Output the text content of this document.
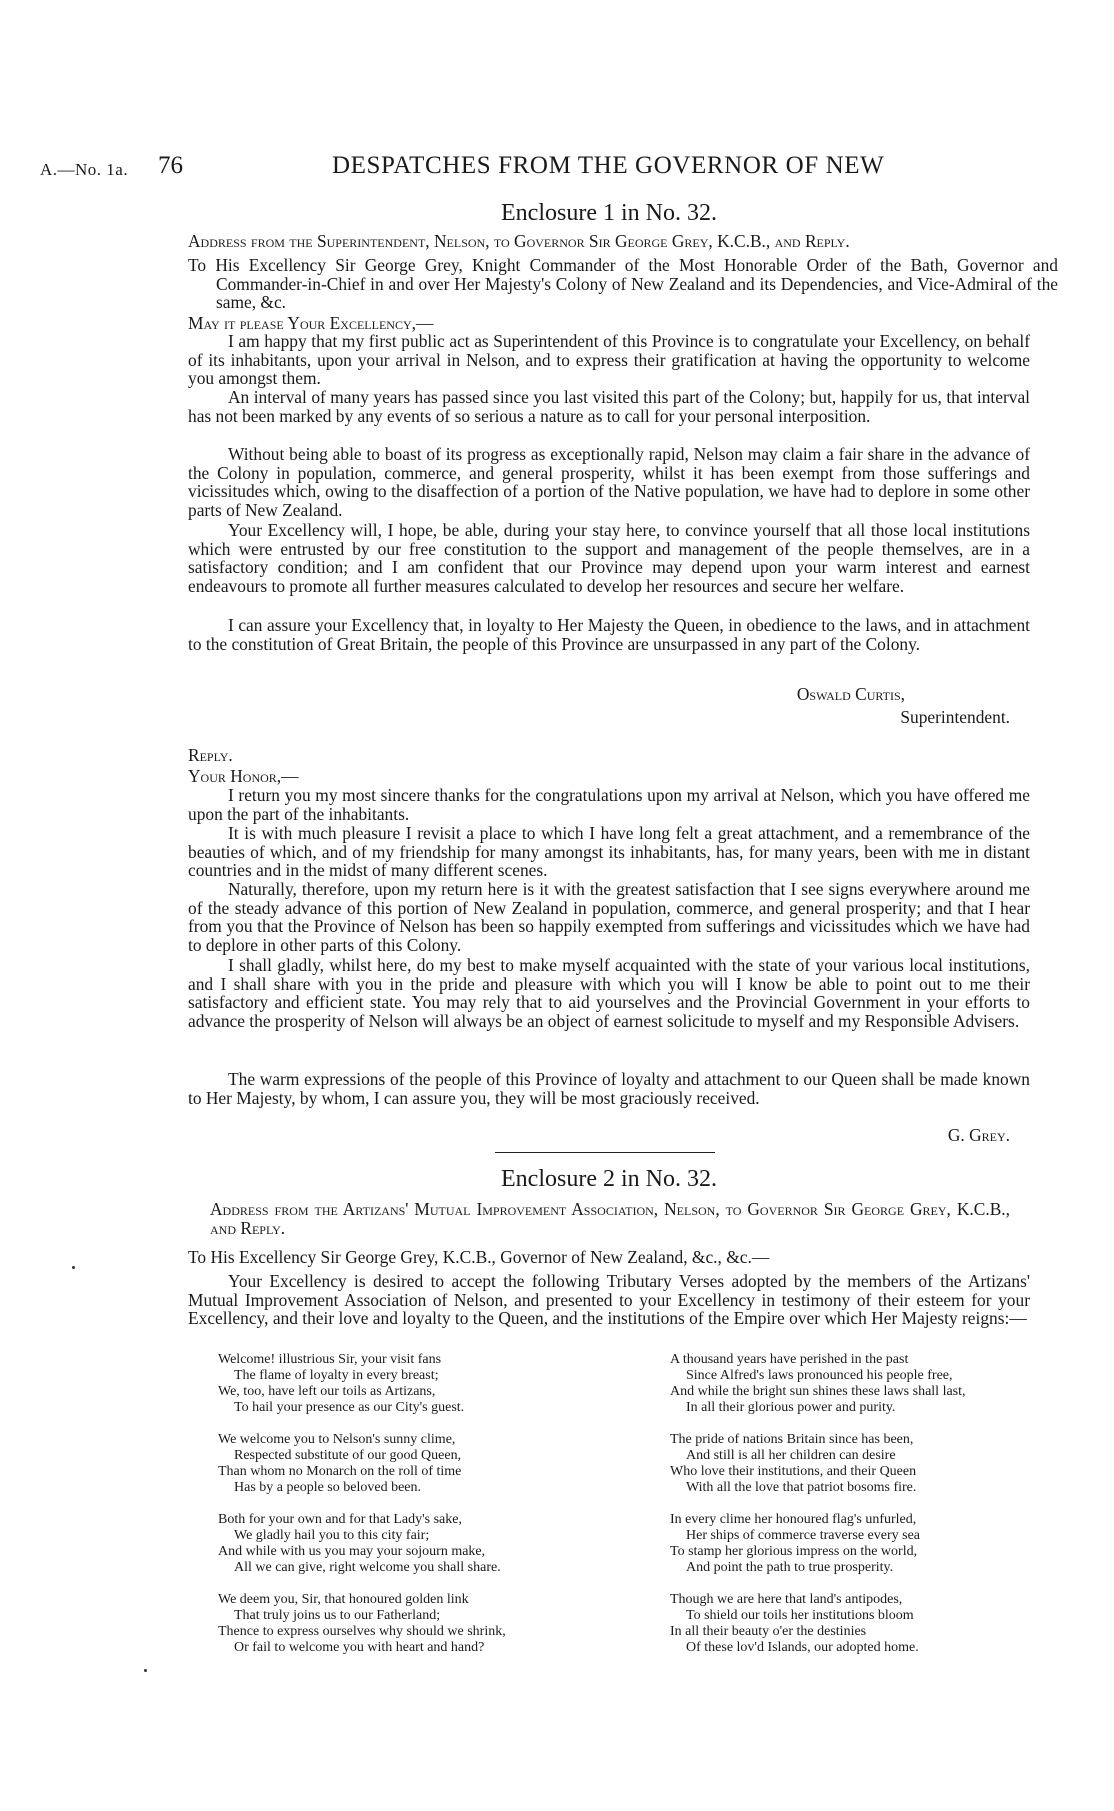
A.—No. 1a. 76	DESPATCHES FROM THE GOVERNOR OF NEW
Enclosure 1 in No. 32.
Address from the Superintendent, Nelson, to Governor Sir George Grey, K.C.B., and Reply.

To His Excellency Sir George Grey, Knight Commander of the Most Honorable Order of the Bath, Governor and Commander-in-Chief in and over Her Majesty's Colony of New Zealand and its Dependencies, and Vice-Admiral of the same, &c.

May it please Your Excellency,—

I am happy that my first public act as Superintendent of this Province is to congratulate your Excellency, on behalf of its inhabitants, upon your arrival in Nelson, and to express their gratification at having the opportunity to welcome you amongst them.

An interval of many years has passed since you last visited this part of the Colony; but, happily for us, that interval has not been marked by any events of so serious a nature as to call for your personal interposition.

Without being able to boast of its progress as exceptionally rapid, Nelson may claim a fair share in the advance of the Colony in population, commerce, and general prosperity, whilst it has been exempt from those sufferings and vicissitudes which, owing to the disaffection of a portion of the Native population, we have had to deplore in some other parts of New Zealand.

Your Excellency will, I hope, be able, during your stay here, to convince yourself that all those local institutions which were entrusted by our free constitution to the support and management of the people themselves, are in a satisfactory condition; and I am confident that our Province may depend upon your warm interest and earnest endeavours to promote all further measures calculated to develop her resources and secure her welfare.

I can assure your Excellency that, in loyalty to Her Majesty the Queen, in obedience to the laws, and in attachment to the constitution of Great Britain, the people of this Province are unsurpassed in any part of the Colony.

Oswald Curtis,
Superintendent.
Reply.

Your Honor,—

I return you my most sincere thanks for the congratulations upon my arrival at Nelson, which you have offered me upon the part of the inhabitants.

It is with much pleasure I revisit a place to which I have long felt a great attachment, and a remembrance of the beauties of which, and of my friendship for many amongst its inhabitants, has, for many years, been with me in distant countries and in the midst of many different scenes.

Naturally, therefore, upon my return here is it with the greatest satisfaction that I see signs everywhere around me of the steady advance of this portion of New Zealand in population, commerce, and general prosperity; and that I hear from you that the Province of Nelson has been so happily exempted from sufferings and vicissitudes which we have had to deplore in other parts of this Colony.

I shall gladly, whilst here, do my best to make myself acquainted with the state of your various local institutions, and I shall share with you in the pride and pleasure with which you will I know be able to point out to me their satisfactory and efficient state. You may rely that to aid yourselves and the Provincial Government in your efforts to advance the prosperity of Nelson will always be an object of earnest solicitude to myself and my Responsible Advisers.

The warm expressions of the people of this Province of loyalty and attachment to our Queen shall be made known to Her Majesty, by whom, I can assure you, they will be most graciously received.

G. Grey.
Enclosure 2 in No. 32.
Address from the Artizans' Mutual Improvement Association, Nelson, to Governor Sir George Grey, K.C.B., and Reply.

To His Excellency Sir George Grey, K.C.B., Governor of New Zealand, &c., &c.—

Your Excellency is desired to accept the following Tributary Verses adopted by the members of the Artizans' Mutual Improvement Association of Nelson, and presented to your Excellency in testimony of their esteem for your Excellency, and their love and loyalty to the Queen, and the institutions of the Empire over which Her Majesty reigns:—

Welcome! illustrious Sir, your visit fans
The flame of loyalty in every breast;
We, too, have left our toils as Artizans,
To hail your presence as our City's guest.
We welcome you to Nelson's sunny clime,
Respected substitute of our good Queen,
Than whom no Monarch on the roll of time
Has by a people so beloved been.
Both for your own and for that Lady's sake,
We gladly hail you to this city fair;
And while with us you may your sojourn make,
All we can give, right welcome you shall share.
We deem you, Sir, that honoured golden link
That truly joins us to our Fatherland;
Thence to express ourselves why should we shrink,
Or fail to welcome you with heart and hand?
A thousand years have perished in the past
Since Alfred's laws pronounced his people free,
And while the bright sun shines these laws shall last,
In all their glorious power and purity.
The pride of nations Britain since has been,
And still is all her children can desire
Who love their institutions, and their Queen
With all the love that patriot bosoms fire.
In every clime her honoured flag's unfurled,
Her ships of commerce traverse every sea
To stamp her glorious impress on the world,
And point the path to true prosperity.
Though we are here that land's antipodes,
To shield our toils her institutions bloom
In all their beauty o'er the destinies
Of these lov'd Islands, our adopted home.
